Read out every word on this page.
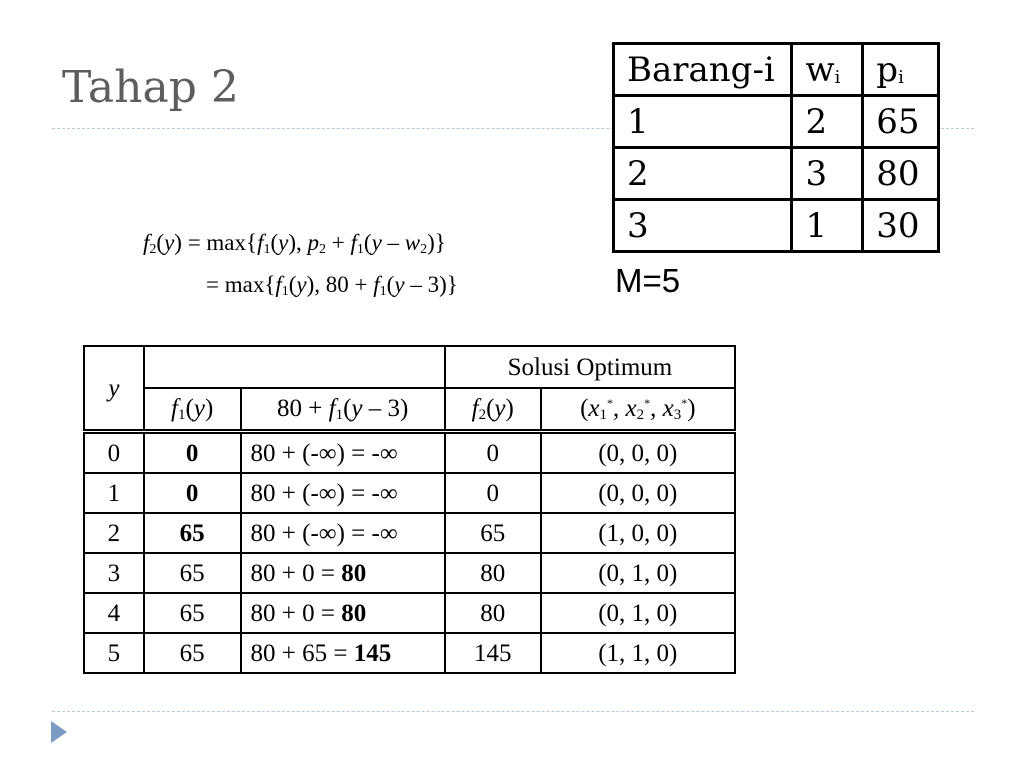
Tahap 2	Barang-i	$w_i$	$p_i$
1	2	65
2	3	80
3	1	30
M=5
$f_2(y) = \max\{f_1(y)$, $p_2 + f_1(y - w_2)$}
= $\max\{f_1(y)$, $80 + f_1(y - 3)$}
y			Solusi Optimum	
	$f_1(y)$	$80 + f_1(y - 3)$	$f_2(y)$	($x_1^*$, $x_2^*$, $x_3^*$)
0	0	80 + (-∞) = -∞	0	(0, 0, 0)
1	0	80 + (-∞) = -∞	0	(0, 0, 0)
2	65	80 + (-∞) = -∞	65	(1, 0, 0)
3	65	80 + 0 = 80	80	(0, 1, 0)
4	65	80 + 0 = 80	80	(0, 1, 0)
5	65	80 + 65 = 145	145	(1, 1, 0)
